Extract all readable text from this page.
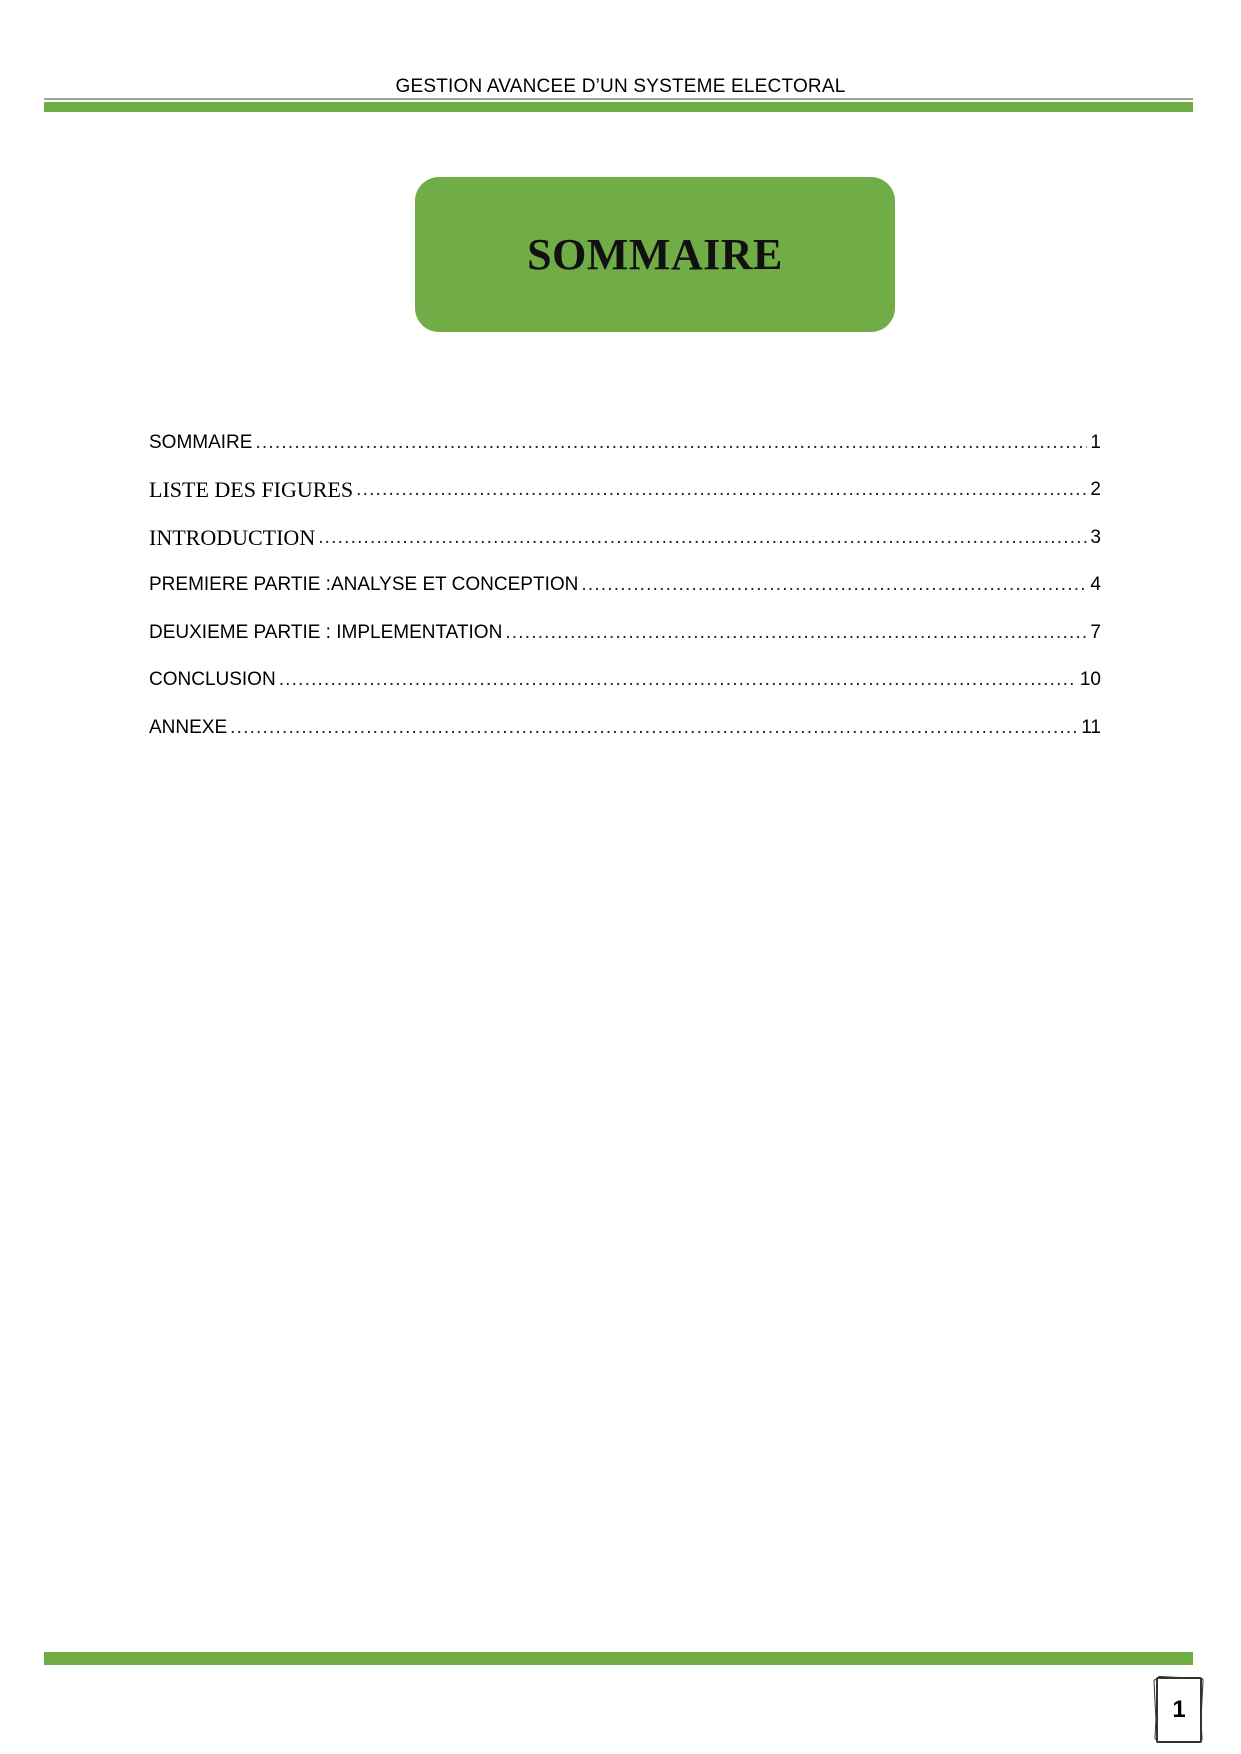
GESTION AVANCEE D’UN SYSTEME ELECTORAL
SOMMAIRE
SOMMAIRE .....	1
LISTE DES FIGURES .....	2
INTRODUCTION .....	3
PREMIERE PARTIE :ANALYSE ET CONCEPTION .....	4
DEUXIEME PARTIE : IMPLEMENTATION .....	7
CONCLUSION .....	10
ANNEXE .....	11
1
